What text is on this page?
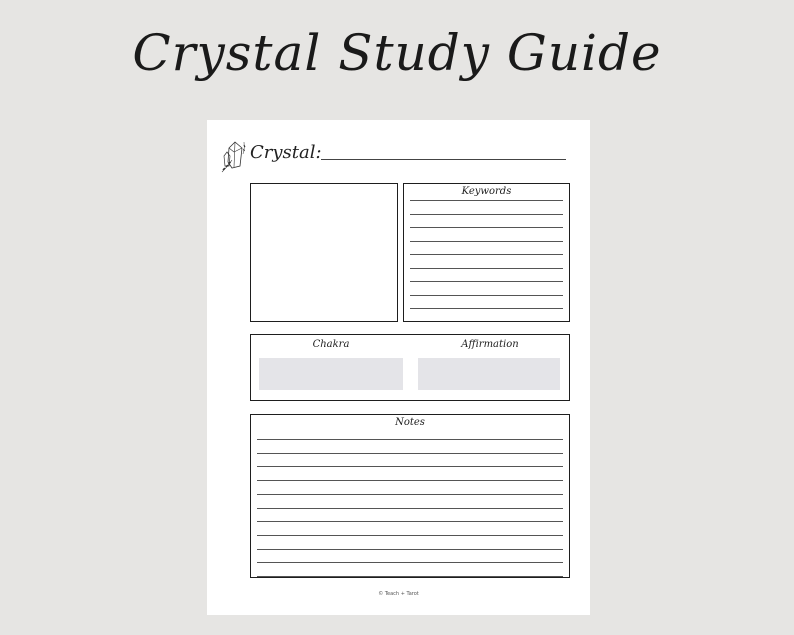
Crystal Study Guide
Crystal:
Keywords
Chakra	Affirmation
Notes
© Teach + Tarot
